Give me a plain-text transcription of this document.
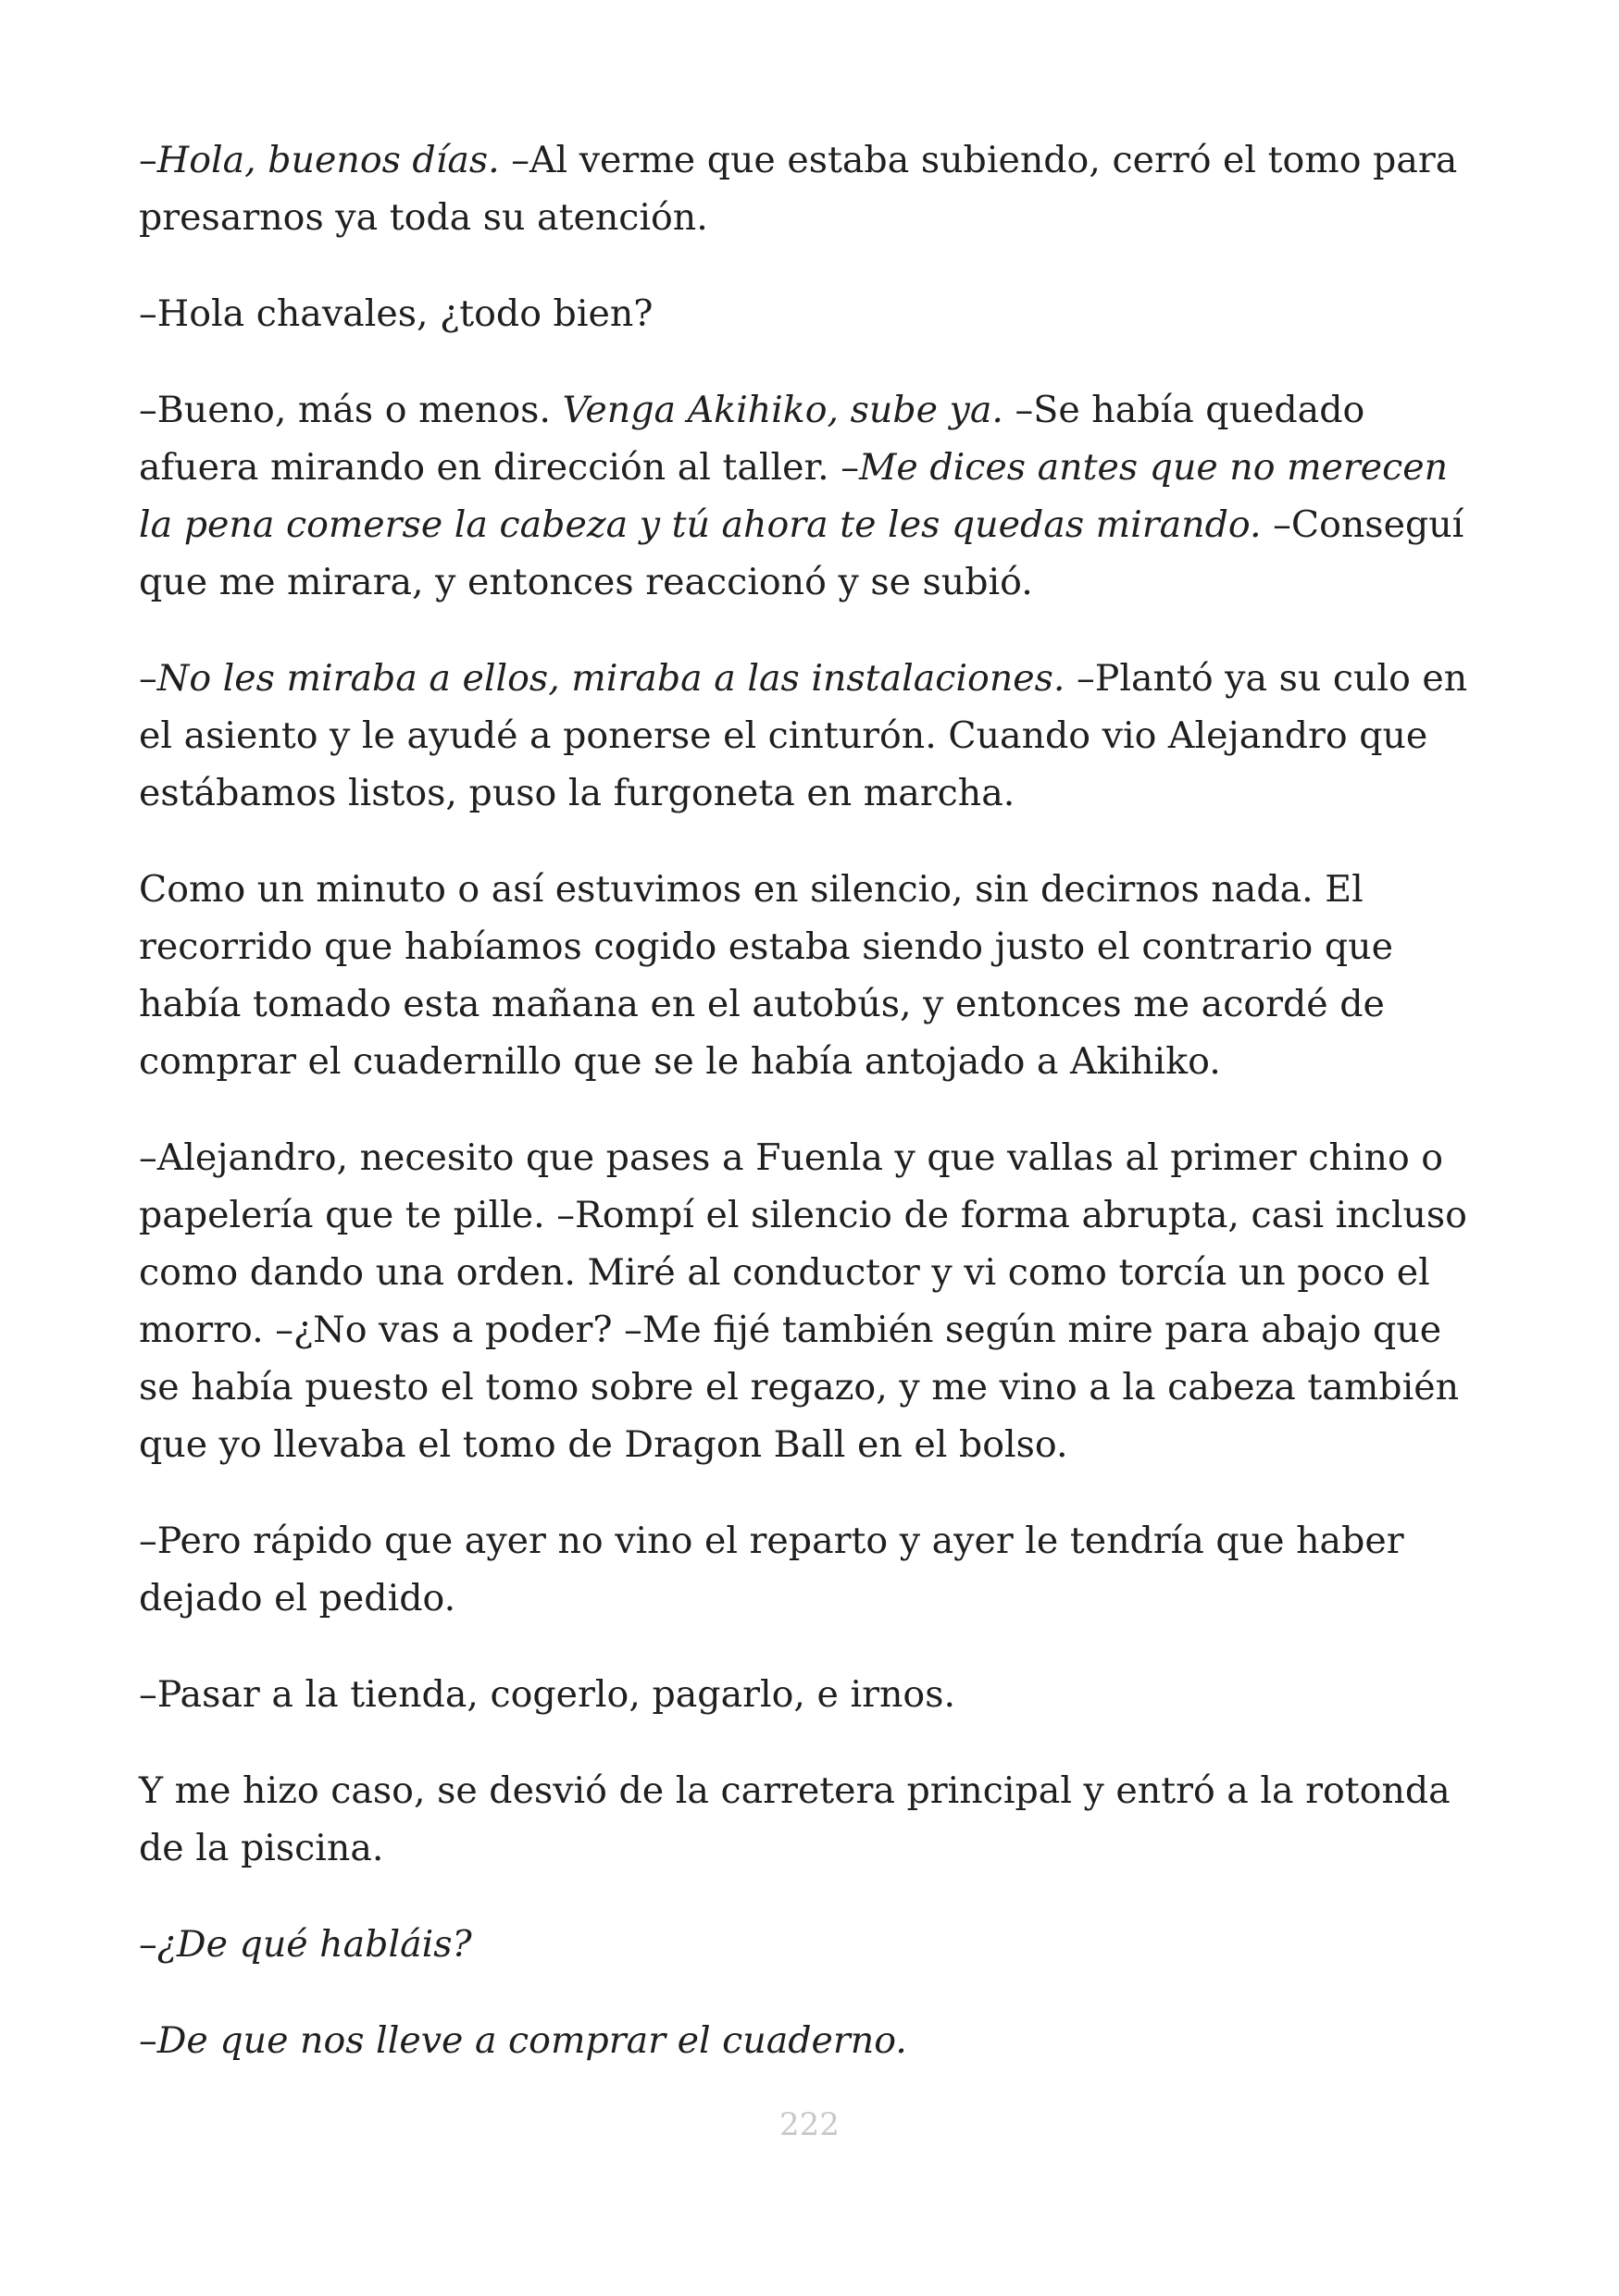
–Hola, buenos días. –Al verme que estaba subiendo, cerró el tomo para presarnos ya toda su atención.

–Hola chavales, ¿todo bien?

–Bueno, más o menos. Venga Akihiko, sube ya. –Se había quedado afuera mirando en dirección al taller. –Me dices antes que no merecen la pena comerse la cabeza y tú ahora te les quedas mirando. –Conseguí que me mirara, y entonces reaccionó y se subió.

–No les miraba a ellos, miraba a las instalaciones. –Plantó ya su culo en el asiento y le ayudé a ponerse el cinturón. Cuando vio Alejandro que estábamos listos, puso la furgoneta en marcha.

Como un minuto o así estuvimos en silencio, sin decirnos nada. El recorrido que habíamos cogido estaba siendo justo el contrario que había tomado esta mañana en el autobús, y entonces me acordé de comprar el cuadernillo que se le había antojado a Akihiko.

–Alejandro, necesito que pases a Fuenla y que vallas al primer chino o papelería que te pille. –Rompí el silencio de forma abrupta, casi incluso como dando una orden. Miré al conductor y vi como torcía un poco el morro. –¿No vas a poder? –Me fijé también según mire para abajo que se había puesto el tomo sobre el regazo, y me vino a la cabeza también que yo llevaba el tomo de Dragon Ball en el bolso.

–Pero rápido que ayer no vino el reparto y ayer le tendría que haber dejado el pedido.

–Pasar a la tienda, cogerlo, pagarlo, e irnos.

Y me hizo caso, se desvió de la carretera principal y entró a la rotonda de la piscina.

–¿De qué habláis?

–De que nos lleve a comprar el cuaderno.

222
